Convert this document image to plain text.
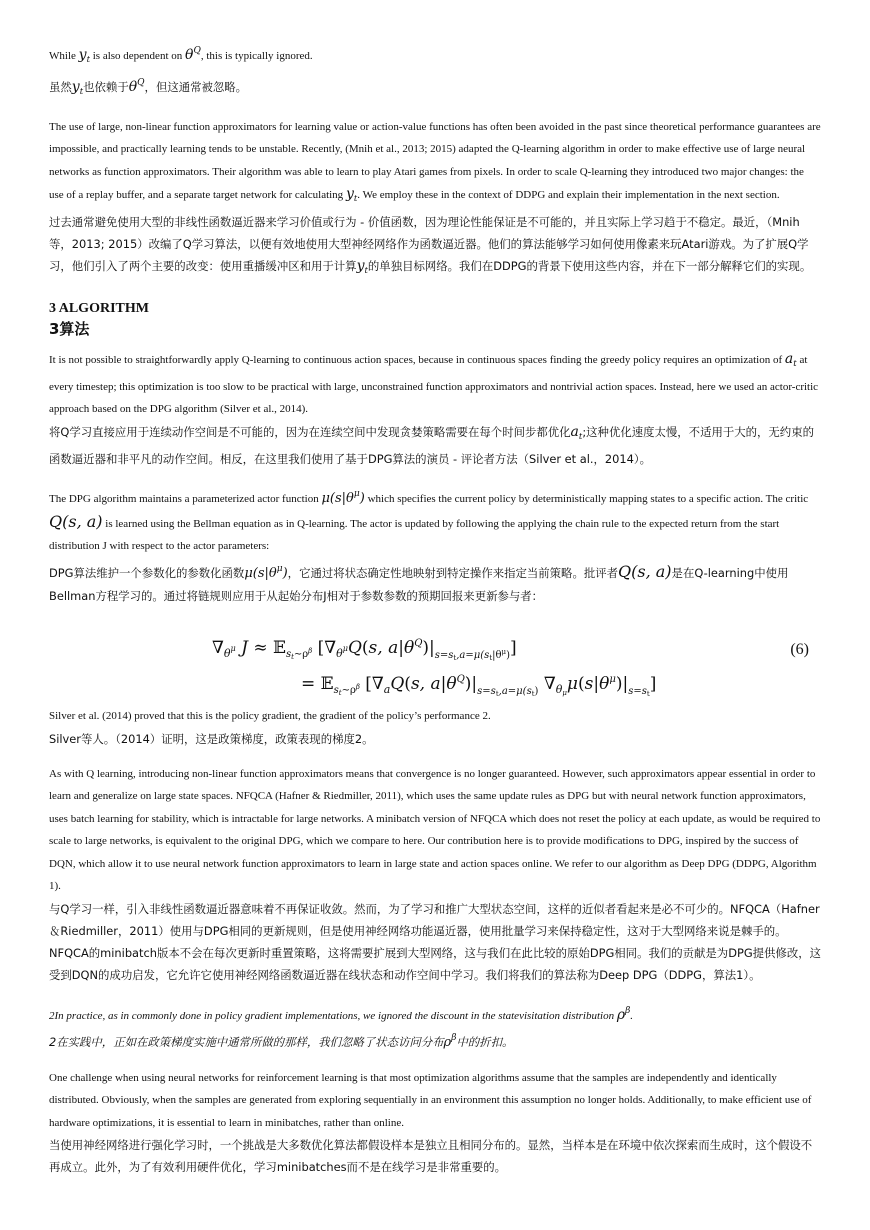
While $y_t$ is also dependent on $\theta^Q$, this is typically ignored.

虽然$y_t$也依赖于$\theta^Q$，但这通常被忽略。

The use of large, non-linear function approximators for learning value or action-value functions has often been avoided in the past since theoretical performance guarantees are impossible, and practically learning tends to be unstable. Recently, (Mnih et al., 2013; 2015) adapted the Q-learning algorithm in order to make effective use of large neural networks as function approximators. Their algorithm was able to learn to play Atari games from pixels. In order to scale Q-learning they introduced two major changes: the use of a replay buffer, and a separate target network for calculating $y_t$. We employ these in the context of DDPG and explain their implementation in the next section.

过去通常避免使用大型的非线性函数逼近器来学习价值或行为 - 价值函数，因为理论性能保证是不可能的，并且实际上学习趋于不稳定。最近，（Mnih等，2013; 2015）改编了Q学习算法，以便有效地使用大型神经网络作为函数逼近器。他们的算法能够学习如何使用像素来玩Atari游戏。为了扩展Q学习，他们引入了两个主要的改变：使用重播缓冲区和用于计算$y_t$的单独目标网络。我们在DDPG的背景下使用这些内容，并在下一部分解释它们的实现。

3 ALGORITHM
3算法

It is not possible to straightforwardly apply Q-learning to continuous action spaces, because in continuous spaces finding the greedy policy requires an optimization of $a_t$ at every timestep; this optimization is too slow to be practical with large, unconstrained function approximators and nontrivial action spaces. Instead, here we used an actor-critic approach based on the DPG algorithm (Silver et al., 2014).

将Q学习直接应用于连续动作空间是不可能的，因为在连续空间中发现贪婪策略需要在每个时间步都优化$a_t$;这种优化速度太慢，不适用于大的，无约束的函数逼近器和非平凡的动作空间。相反，在这里我们使用了基于DPG算法的演员 - 评论者方法（Silver et al.，2014）。

The DPG algorithm maintains a parameterized actor function $\mu(s|\theta^\mu)$ which specifies the current policy by deterministically mapping states to a specific action. The critic Q(s, a) is learned using the Bellman equation as in Q-learning. The actor is updated by following the applying the chain rule to the expected return from the start distribution J with respect to the actor parameters:

DPG算法维护一个参数化的参数化函数$\mu(s|\theta^\mu)$，它通过将状态确定性地映射到特定操作来指定当前策略。批评者Q(s, a)是在Q-learning中使用Bellman方程学习的。通过将链规则应用于从起始分布J相对于参数参数的预期回报来更新参与者：

$\nabla_\theta^\mu$ $J \approx 𝔼_st\sim\rho^\beta$ [$\nabla_\theta^\mu Q(s$, $a|\theta^Q)|_{s=s}t,a=\mu(st|\theta^\mu_)]$
= $𝔼_st\sim\rho^\beta$ [$\nabla_aQ(s$, $a|\theta^Q)|_{s=s}t,a=\mu(st)$ $\nabla_\theta\mu\mu(s|\theta^\mu)|_{s=s}t$]
(6)

Silver et al. (2014) proved that this is the policy gradient, the gradient of the policy’s performance 2.

Silver等人。（2014）证明，这是政策梯度，政策表现的梯度2。

As with Q learning, introducing non-linear function approximators means that convergence is no longer guaranteed. However, such approximators appear essential in order to learn and generalize on large state spaces. NFQCA (Hafner & Riedmiller, 2011), which uses the same update rules as DPG but with neural network function approximators, uses batch learning for stability, which is intractable for large networks. A minibatch version of NFQCA which does not reset the policy at each update, as would be required to scale to large networks, is equivalent to the original DPG, which we compare to here. Our contribution here is to provide modifications to DPG, inspired by the success of DQN, which allow it to use neural network function approximators to learn in large state and action spaces online. We refer to our algorithm as Deep DPG (DDPG, Algorithm 1).

与Q学习一样，引入非线性函数逼近器意味着不再保证收敛。然而，为了学习和推广大型状态空间，这样的近似者看起来是必不可少的。NFQCA（Hafner＆Riedmiller，2011）使用与DPG相同的更新规则，但是使用神经网络功能逼近器，使用批量学习来保持稳定性，这对于大型网络来说是棘手的。NFQCA的minibatch版本不会在每次更新时重置策略，这将需要扩展到大型网络，这与我们在此比较的原始DPG相同。我们的贡献是为DPG提供修改，这受到DQN的成功启发，它允许它使用神经网络函数逼近器在线状态和动作空间中学习。我们将我们的算法称为Deep DPG（DDPG，算法1）。

2In practice, as in commonly done in policy gradient implementations, we ignored the discount in the statevisitation distribution $\rho^\beta$.

2在实践中，正如在政策梯度实施中通常所做的那样，我们忽略了状态访问分布$\rho^\beta$中的折扣。

One challenge when using neural networks for reinforcement learning is that most optimization algorithms assume that the samples are independently and identically distributed. Obviously, when the samples are generated from exploring sequentially in an environment this assumption no longer holds. Additionally, to make efficient use of hardware optimizations, it is essential to learn in minibatches, rather than online.

当使用神经网络进行强化学习时，一个挑战是大多数优化算法都假设样本是独立且相同分布的。显然，当样本是在环境中依次探索而生成时，这个假设不再成立。此外，为了有效利用硬件优化，学习minibatches而不是在线学习是非常重要的。
